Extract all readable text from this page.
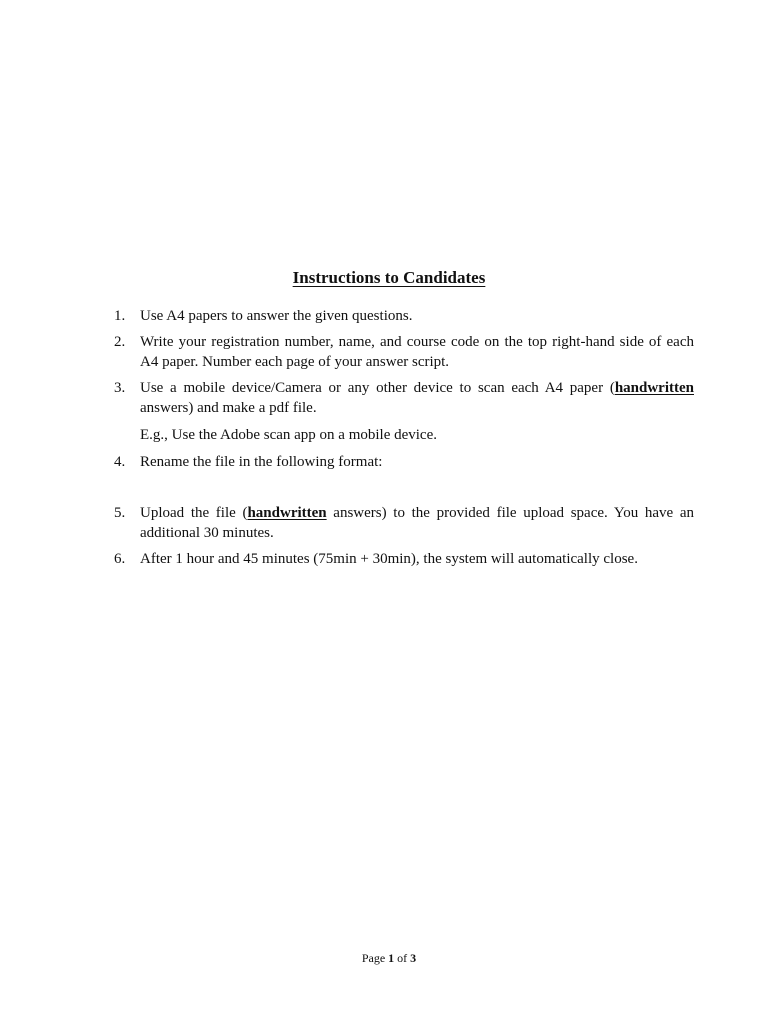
Instructions to Candidates
1. Use A4 papers to answer the given questions.
2. Write your registration number, name, and course code on the top right-hand side of each A4 paper. Number each page of your answer script.
3. Use a mobile device/Camera or any other device to scan each A4 paper (handwritten answers) and make a pdf file.
E.g., Use the Adobe scan app on a mobile device.
4. Rename the file in the following format:
5. Upload the file (handwritten answers) to the provided file upload space. You have an additional 30 minutes.
6. After 1 hour and 45 minutes (75min + 30min), the system will automatically close.
Page 1 of 3
